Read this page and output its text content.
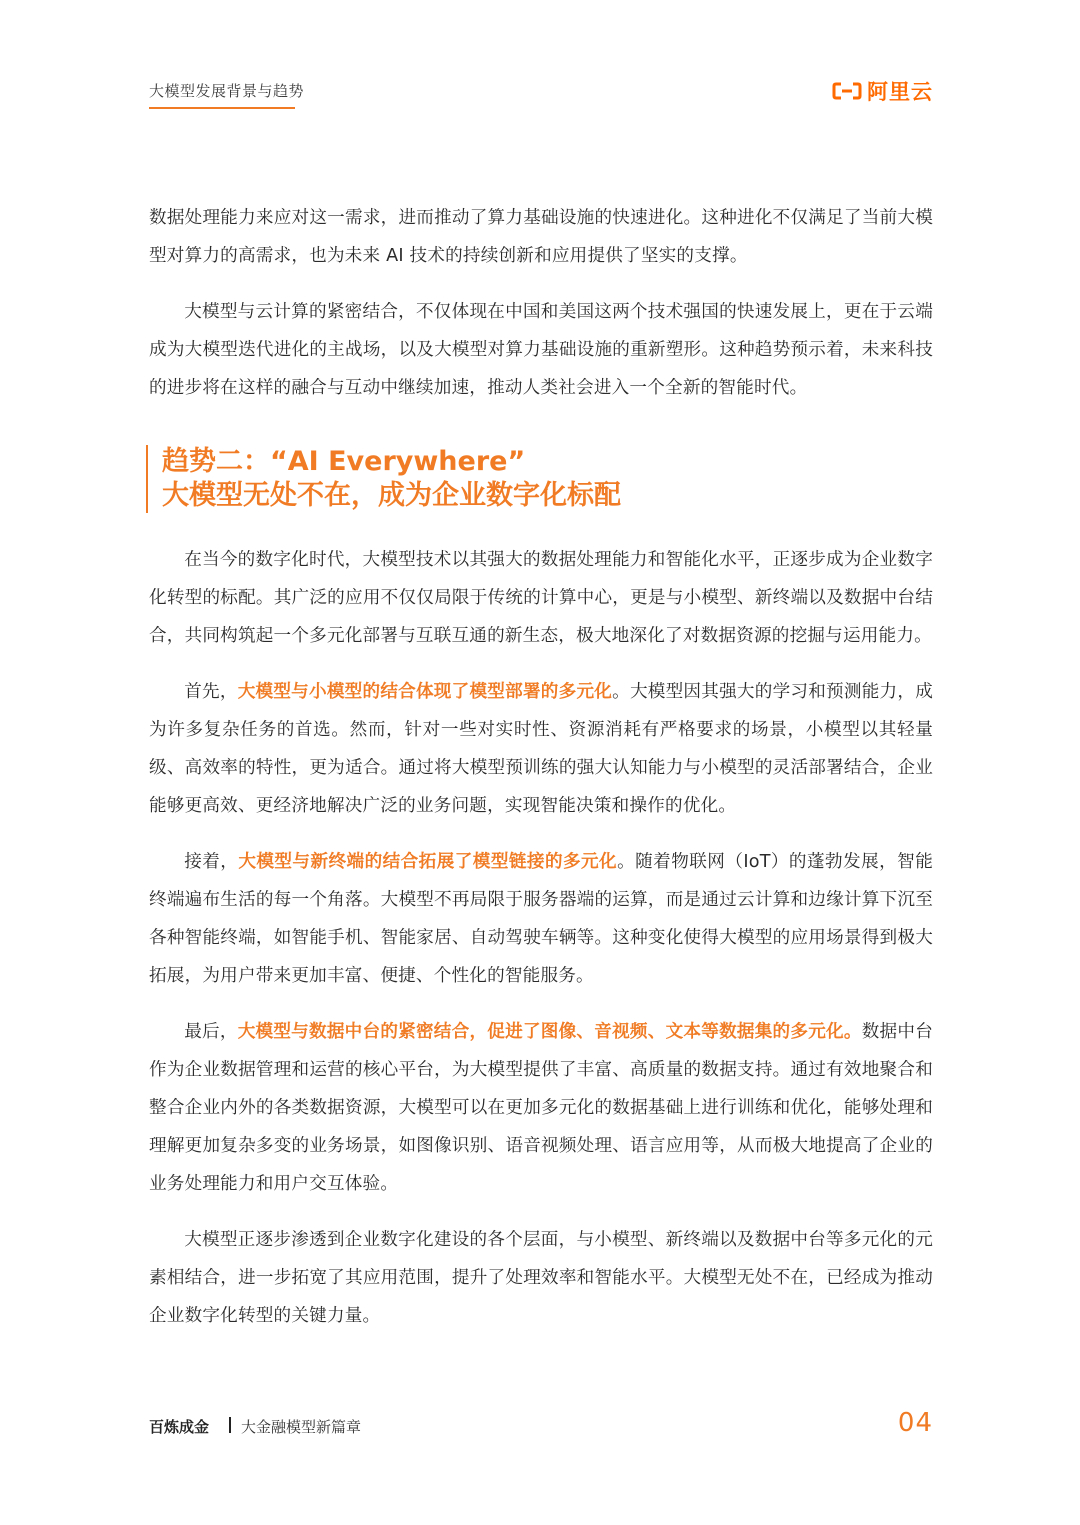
大模型发展背景与趋势	阿里云

数据处理能力来应对这一需求，进而推动了算力基础设施的快速进化。这种进化不仅满足了当前大模型对算力的高需求，也为未来 AI 技术的持续创新和应用提供了坚实的支撑。

大模型与云计算的紧密结合，不仅体现在中国和美国这两个技术强国的快速发展上，更在于云端成为大模型迭代进化的主战场，以及大模型对算力基础设施的重新塑形。这种趋势预示着，未来科技的进步将在这样的融合与互动中继续加速，推动人类社会进入一个全新的智能时代。

趋势二：“AI Everywhere”
大模型无处不在，成为企业数字化标配

在当今的数字化时代，大模型技术以其强大的数据处理能力和智能化水平，正逐步成为企业数字化转型的标配。其广泛的应用不仅仅局限于传统的计算中心，更是与小模型、新终端以及数据中台结合，共同构筑起一个多元化部署与互联互通的新生态，极大地深化了对数据资源的挖掘与运用能力。

首先，大模型与小模型的结合体现了模型部署的多元化。大模型因其强大的学习和预测能力，成为许多复杂任务的首选。然而，针对一些对实时性、资源消耗有严格要求的场景，小模型以其轻量级、高效率的特性，更为适合。通过将大模型预训练的强大认知能力与小模型的灵活部署结合，企业能够更高效、更经济地解决广泛的业务问题，实现智能决策和操作的优化。

接着，大模型与新终端的结合拓展了模型链接的多元化。随着物联网（IoT）的蓬勃发展，智能终端遍布生活的每一个角落。大模型不再局限于服务器端的运算，而是通过云计算和边缘计算下沉至各种智能终端，如智能手机、智能家居、自动驾驶车辆等。这种变化使得大模型的应用场景得到极大拓展，为用户带来更加丰富、便捷、个性化的智能服务。

最后，大模型与数据中台的紧密结合，促进了图像、音视频、文本等数据集的多元化。数据中台作为企业数据管理和运营的核心平台，为大模型提供了丰富、高质量的数据支持。通过有效地聚合和整合企业内外的各类数据资源，大模型可以在更加多元化的数据基础上进行训练和优化，能够处理和理解更加复杂多变的业务场景，如图像识别、语音视频处理、语言应用等，从而极大地提高了企业的业务处理能力和用户交互体验。

大模型正逐步渗透到企业数字化建设的各个层面，与小模型、新终端以及数据中台等多元化的元素相结合，进一步拓宽了其应用范围，提升了处理效率和智能水平。大模型无处不在，已经成为推动企业数字化转型的关键力量。

百炼成金 大金融模型新篇章	04
